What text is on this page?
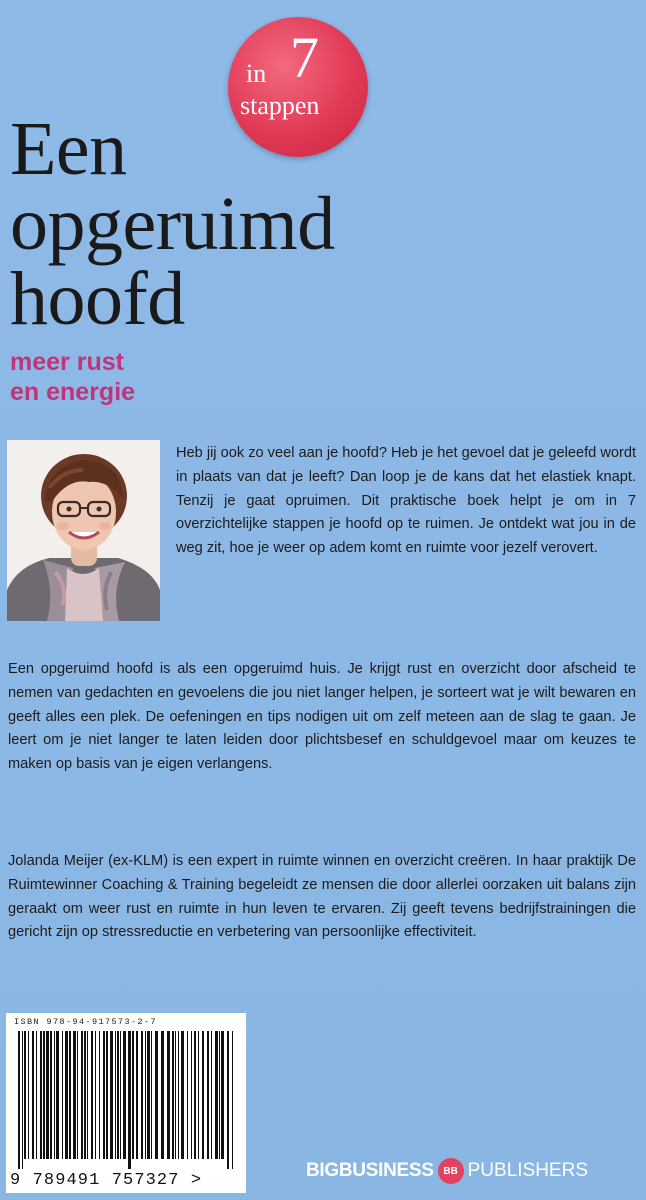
in 7
stappen
Een
opgeruimd
hoofd
meer rust
en energie

Heb jij ook zo veel aan je hoofd? Heb je het gevoel dat je geleefd wordt in plaats van dat je leeft? Dan loop je de kans dat het elastiek knapt. Tenzij je gaat opruimen. Dit praktische boek helpt je om in 7 overzichtelijke stappen je hoofd op te ruimen. Je ontdekt wat jou in de weg zit, hoe je weer op adem komt en ruimte voor jezelf verovert.

Een opgeruimd hoofd is als een opgeruimd huis. Je krijgt rust en overzicht door afscheid te nemen van gedachten en gevoelens die jou niet langer helpen, je sorteert wat je wilt bewaren en geeft alles een plek. De oefeningen en tips nodigen uit om zelf meteen aan de slag te gaan. Je leert om je niet langer te laten leiden door plichtsbesef en schuldgevoel maar om keuzes te maken op basis van je eigen verlangens.

Jolanda Meijer (ex-KLM) is een expert in ruimte winnen en overzicht creëren. In haar praktijk De Ruimtewinner Coaching & Training begeleidt ze mensen die door allerlei oorzaken uit balans zijn geraakt om weer rust en ruimte in hun leven te ervaren. Zij geeft tevens bedrijfstrainingen die gericht zijn op stressreductie en verbetering van persoonlijke effectiviteit.

ISBN 978-94-917573-2-7
9 789491 757327 >	BIGBUSINESS BB PUBLISHERS
